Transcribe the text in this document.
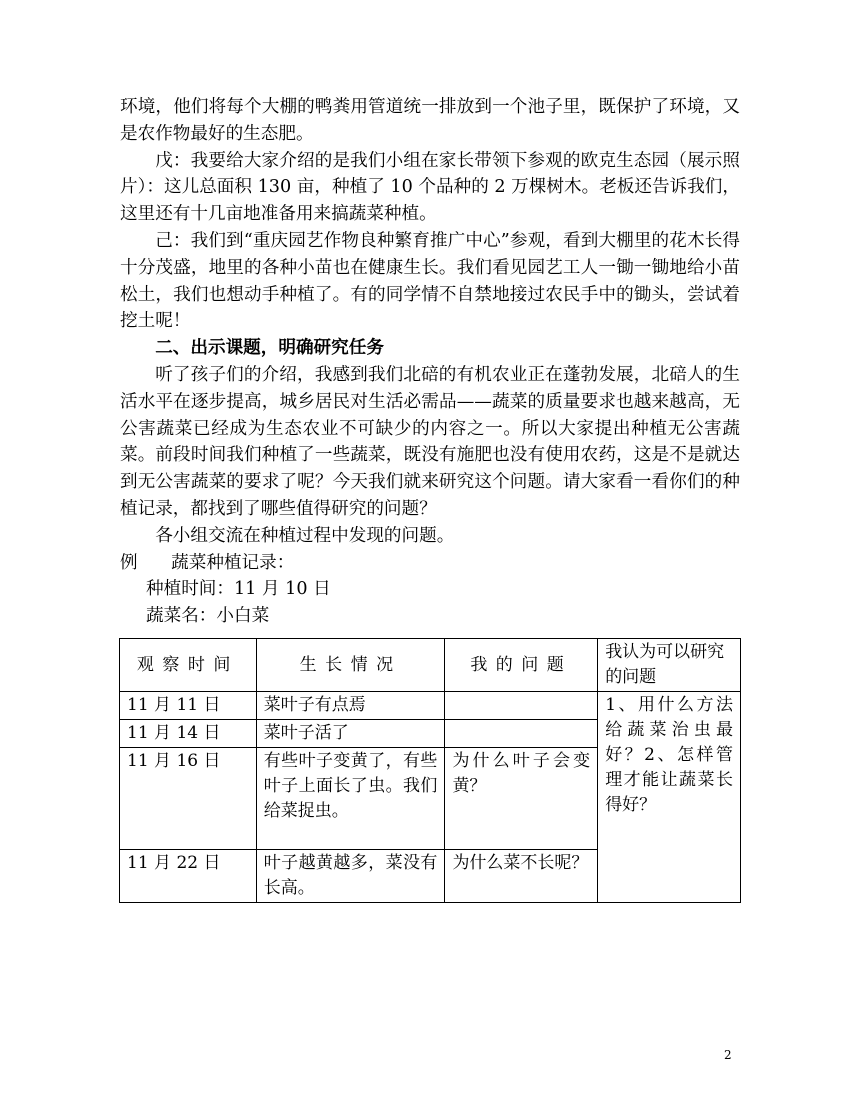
环境，他们将每个大棚的鸭粪用管道统一排放到一个池子里，既保护了环境，又是农作物最好的生态肥。

戊：我要给大家介绍的是我们小组在家长带领下参观的欧克生态园（展示照片）：这儿总面积 130 亩，种植了 10 个品种的 2 万棵树木。老板还告诉我们，这里还有十几亩地准备用来搞蔬菜种植。

己：我们到“重庆园艺作物良种繁育推广中心”参观，看到大棚里的花木长得十分茂盛，地里的各种小苗也在健康生长。我们看见园艺工人一锄一锄地给小苗松土，我们也想动手种植了。有的同学情不自禁地接过农民手中的锄头，尝试着挖土呢！

二、出示课题，明确研究任务

听了孩子们的介绍，我感到我们北碚的有机农业正在蓬勃发展，北碚人的生活水平在逐步提高，城乡居民对生活必需品——蔬菜的质量要求也越来越高，无公害蔬菜已经成为生态农业不可缺少的内容之一。所以大家提出种植无公害蔬菜。前段时间我们种植了一些蔬菜，既没有施肥也没有使用农药，这是不是就达到无公害蔬菜的要求了呢？今天我们就来研究这个问题。请大家看一看你们的种植记录，都找到了哪些值得研究的问题？

各小组交流在种植过程中发现的问题。

例 蔬菜种植记录：

种植时间：11 月 10 日

蔬菜名：小白菜

观察时间	生长情况	我的问题	我认为可以研究的问题
11 月 11 日	菜叶子有点焉		1、用什么方法给蔬菜治虫最好？2、怎样管理才能让蔬菜长得好？
11 月 14 日	菜叶子活了		
11 月 16 日	有些叶子变黄了，有些叶子上面长了虫。我们给菜捉虫。	为什么叶子会变黄？	
11 月 22 日	叶子越黄越多，菜没有长高。	为什么菜不长呢？	
2
